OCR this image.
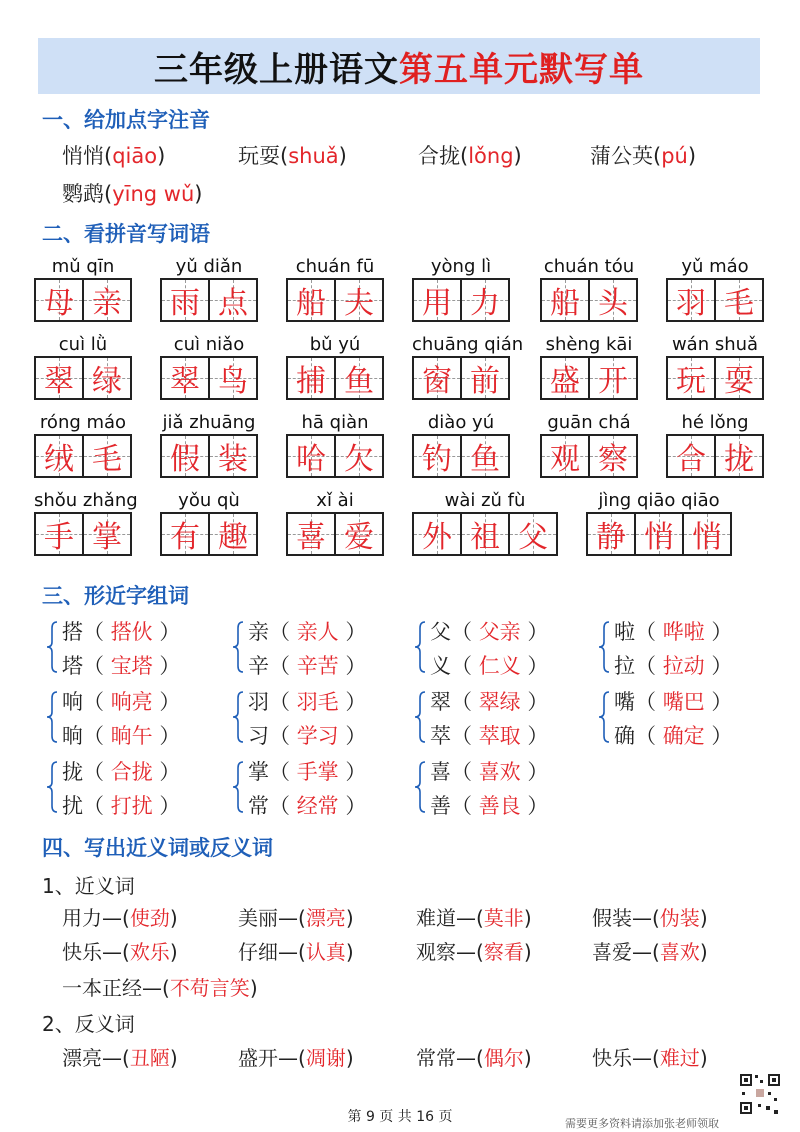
三年级上册语文 第五单元默写单
一、给加点字注音
悄悄(qiāo)	玩耍(shuǎ)	合拢(lǒng)	蒲公英(pú)
鹦鹉(yīng wǔ)
二、看拼音写词语
mǔ qīn
母 亲
yǔ diǎn
雨 点
chuán fū
船 夫
yòng lì
用 力
chuán tóu
船 头
yǔ máo
羽 毛
cuì lǜ
翠 绿
cuì niǎo
翠 鸟
bǔ yú
捕 鱼
chuāng qián
窗 前
shèng kāi
盛 开
wán shuǎ
玩 耍
róng máo
绒 毛
jiǎ zhuāng
假 装
hā qiàn
哈 欠
diào yú
钓 鱼
guān chá
观 察
hé lǒng
合 拢
shǒu zhǎng
手 掌
yǒu qù
有 趣
xǐ ài
喜 爱
wài zǔ fù
外 祖 父
jìng qiāo qiāo
静 悄 悄
三、形近字组词
搭（ 搭伙 ）
塔（ 宝塔 ）
亲（ 亲人 ）
辛（ 辛苦 ）
父（ 父亲 ）
义（ 仁义 ）
啦（ 哗啦 ）
拉（ 拉动 ）
响（ 响亮 ）
晌（ 晌午 ）
羽（ 羽毛 ）
习（ 学习 ）
翠（ 翠绿 ）
萃（ 萃取 ）
嘴（ 嘴巴 ）
确（ 确定 ）
拢（ 合拢 ）
扰（ 打扰 ）
掌（ 手掌 ）
常（ 经常 ）
喜（ 喜欢 ）
善（ 善良 ）
四、写出近义词或反义词
1、近义词
用力—(使劲)	美丽—(漂亮)	难道—(莫非)	假装—(伪装)
快乐—(欢乐)	仔细—(认真)	观察—(察看)	喜爱—(喜欢)
一本正经—(不苟言笑)
2、反义词
漂亮—(丑陋)	盛开—(凋谢)	常常—(偶尔)	快乐—(难过)
第 9 页 共 16 页	需要更多资料请添加张老师领取
